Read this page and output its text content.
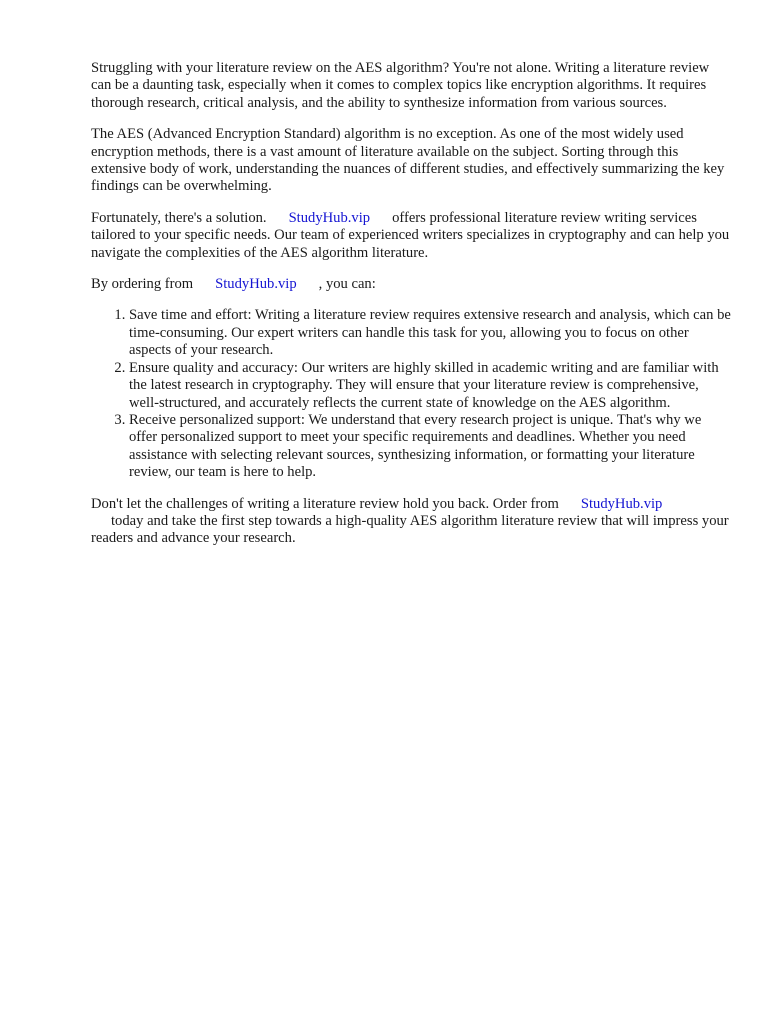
Struggling with your literature review on the AES algorithm? You're not alone. Writing a literature review can be a daunting task, especially when it comes to complex topics like encryption algorithms. It requires thorough research, critical analysis, and the ability to synthesize information from various sources.

The AES (Advanced Encryption Standard) algorithm is no exception. As one of the most widely used encryption methods, there is a vast amount of literature available on the subject. Sorting through this extensive body of work, understanding the nuances of different studies, and effectively summarizing the key findings can be overwhelming.

Fortunately, there's a solution. StudyHub.vip offers professional literature review writing services tailored to your specific needs. Our team of experienced writers specializes in cryptography and can help you navigate the complexities of the AES algorithm literature.

By ordering from StudyHub.vip , you can:

1. Save time and effort: Writing a literature review requires extensive research and analysis, which can be time-consuming. Our expert writers can handle this task for you, allowing you to focus on other aspects of your research.
2. Ensure quality and accuracy: Our writers are highly skilled in academic writing and are familiar with the latest research in cryptography. They will ensure that your literature review is comprehensive, well-structured, and accurately reflects the current state of knowledge on the AES algorithm.
3. Receive personalized support: We understand that every research project is unique. That's why we offer personalized support to meet your specific requirements and deadlines. Whether you need assistance with selecting relevant sources, synthesizing information, or formatting your literature review, our team is here to help.

Don't let the challenges of writing a literature review hold you back. Order from StudyHub.vip
today and take the first step towards a high-quality AES algorithm literature review that will impress your readers and advance your research.
